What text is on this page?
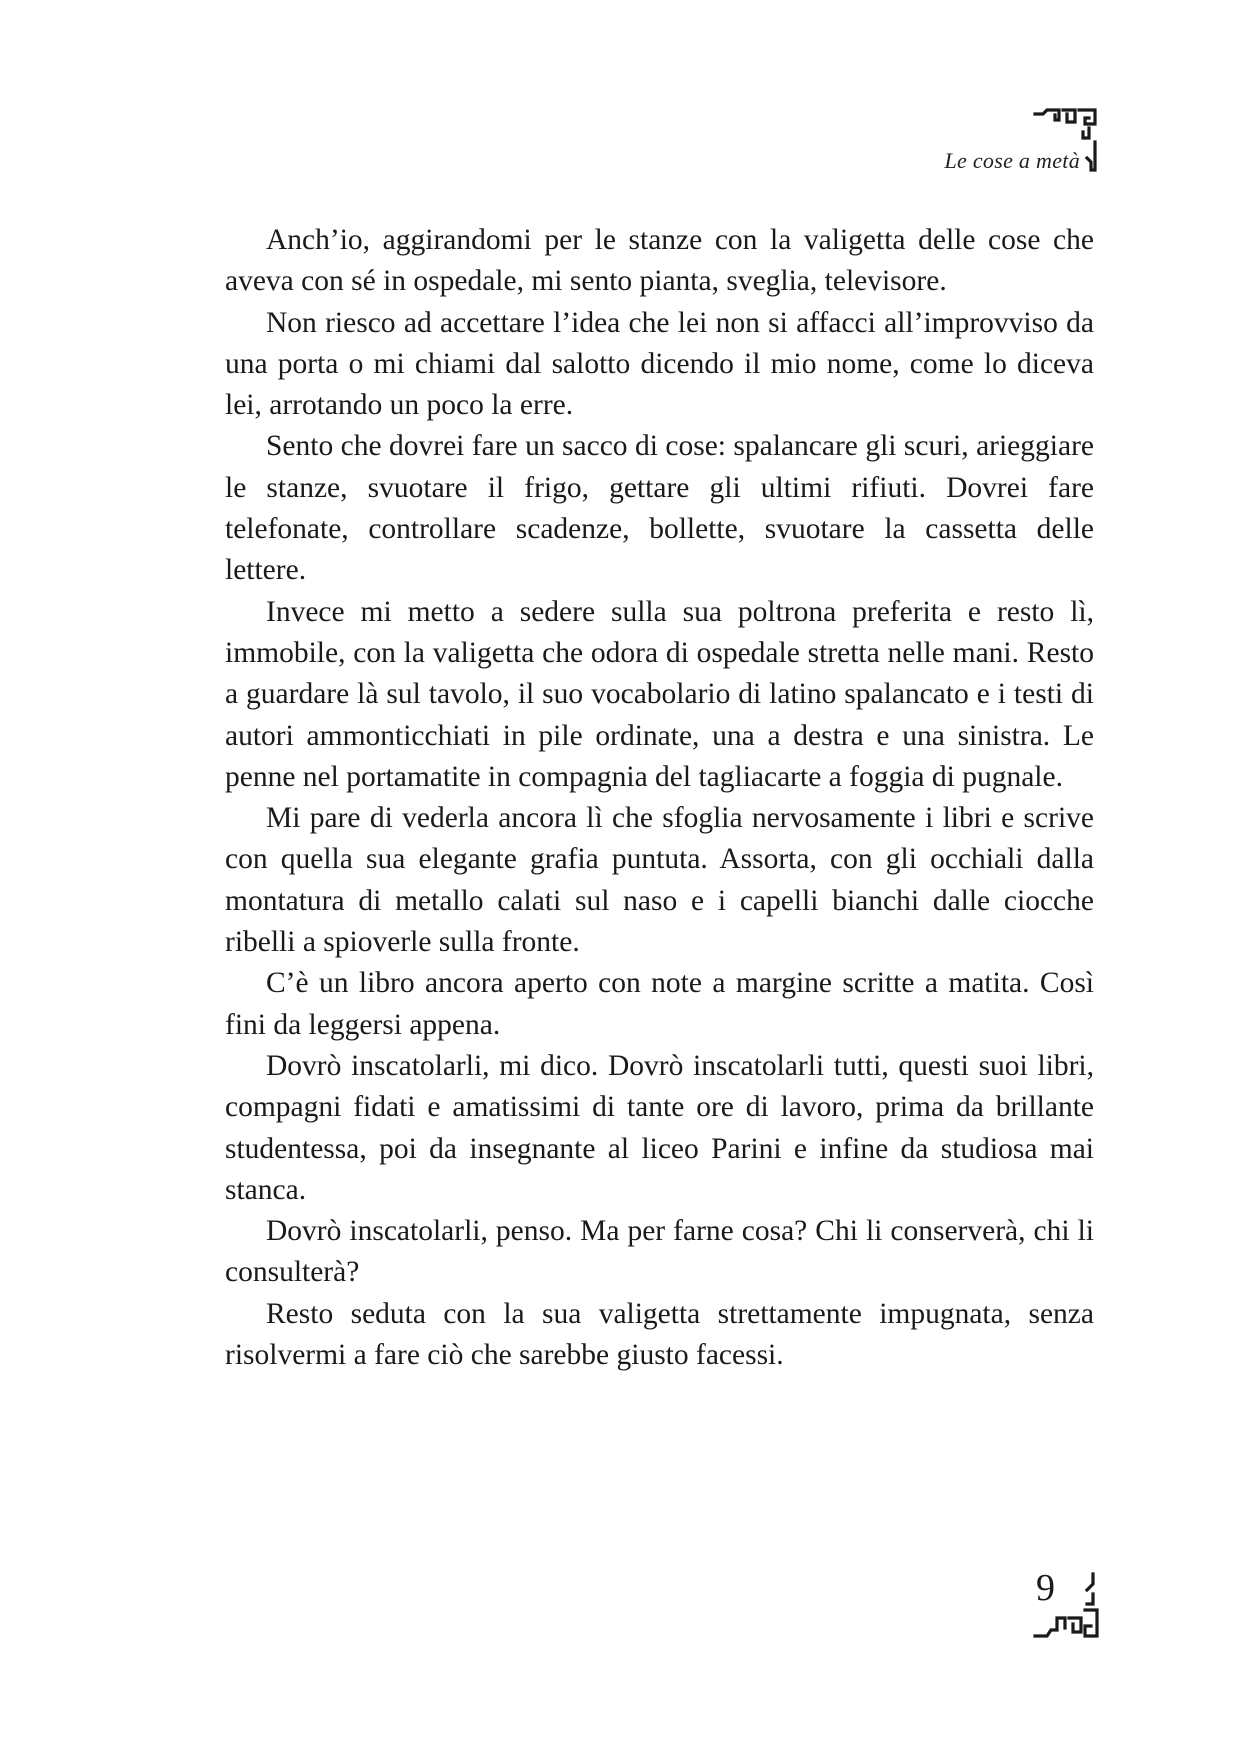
Le cose a metà

Anch’io, aggirandomi per le stanze con la valigetta delle cose che aveva con sé in ospedale, mi sento pianta, sveglia, televisore.

Non riesco ad accettare l’idea che lei non si affacci all’improvviso da una porta o mi chiami dal salotto dicendo il mio nome, come lo diceva lei, arrotando un poco la erre.

Sento che dovrei fare un sacco di cose: spalancare gli scuri, arieggiare le stanze, svuotare il frigo, gettare gli ultimi rifiuti. Dovrei fare telefonate, controllare scadenze, bollette, svuotare la cassetta delle lettere.

Invece mi metto a sedere sulla sua poltrona preferita e resto lì, immobile, con la valigetta che odora di ospedale stretta nelle mani. Resto a guardare là sul tavolo, il suo vocabolario di latino spalancato e i testi di autori ammonticchiati in pile ordinate, una a destra e una sinistra. Le penne nel portamatite in compagnia del tagliacarte a foggia di pugnale.

Mi pare di vederla ancora lì che sfoglia nervosamente i libri e scrive con quella sua elegante grafia puntuta. Assorta, con gli occhiali dalla montatura di metallo calati sul naso e i capelli bianchi dalle ciocche ribelli a spioverle sulla fronte.

C’è un libro ancora aperto con note a margine scritte a matita. Così fini da leggersi appena.

Dovrò inscatolarli, mi dico. Dovrò inscatolarli tutti, questi suoi libri, compagni fidati e amatissimi di tante ore di lavoro, prima da brillante studentessa, poi da insegnante al liceo Parini e infine da studiosa mai stanca.

Dovrò inscatolarli, penso. Ma per farne cosa? Chi li conserverà, chi li consulterà?

Resto seduta con la sua valigetta strettamente impugnata, senza risolvermi a fare ciò che sarebbe giusto facessi.

9
